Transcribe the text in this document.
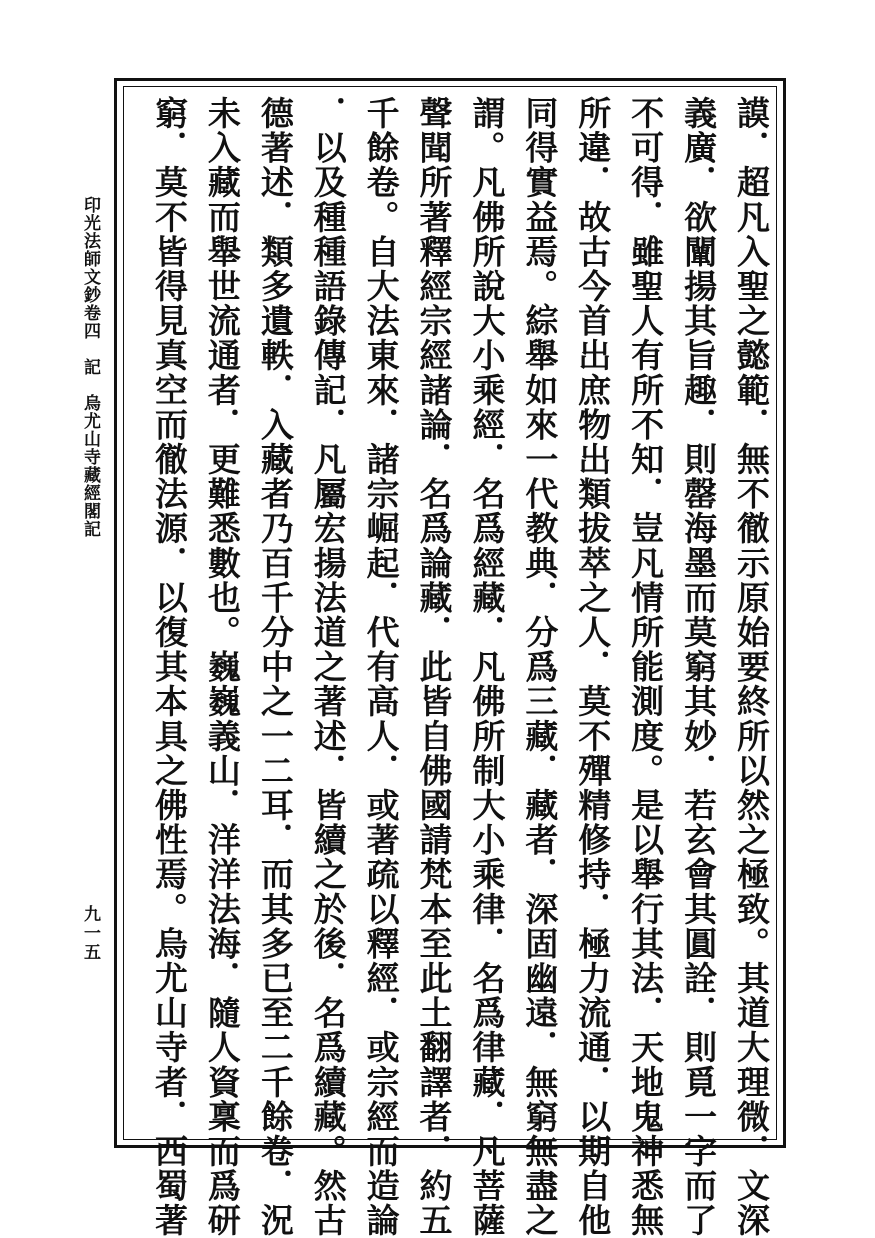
印光法師文鈔卷四　記　烏尤山寺藏經閣記
九一五	謨．超凡入聖之懿範．無不徹示原始要終所以然之極致。其道大理微．文深
義廣．欲闡揚其旨趣．則罄海墨而莫窮其妙．若玄會其圓詮．則覓一字而了
不可得．雖聖人有所不知．豈凡情所能測度。是以舉行其法．天地鬼神悉無
所違．故古今首出庶物出類拔萃之人．莫不殫精修持．極力流通．以期自他
同得實益焉。綜舉如來一代教典．分爲三藏．藏者．深固幽遠．無窮無盡之
謂。凡佛所說大小乘經．名爲經藏．凡佛所制大小乘律．名爲律藏．凡菩薩
聲聞所著釋經宗經諸論．名爲論藏．此皆自佛國請梵本至此土翻譯者．約五
千餘卷。自大法東來．諸宗崛起．代有高人．或著疏以釋經．或宗經而造論
．以及種種語錄傳記．凡屬宏揚法道之著述．皆續之於後．名爲續藏。然古
德著述．類多遺軼．入藏者乃百千分中之一二耳．而其多已至二千餘卷．況
未入藏而舉世流通者．更難悉數也。巍巍義山．洋洋法海．隨人資稟而爲研
窮．莫不皆得見真空而徹法源．以復其本具之佛性焉。烏尤山寺者．西蜀著
